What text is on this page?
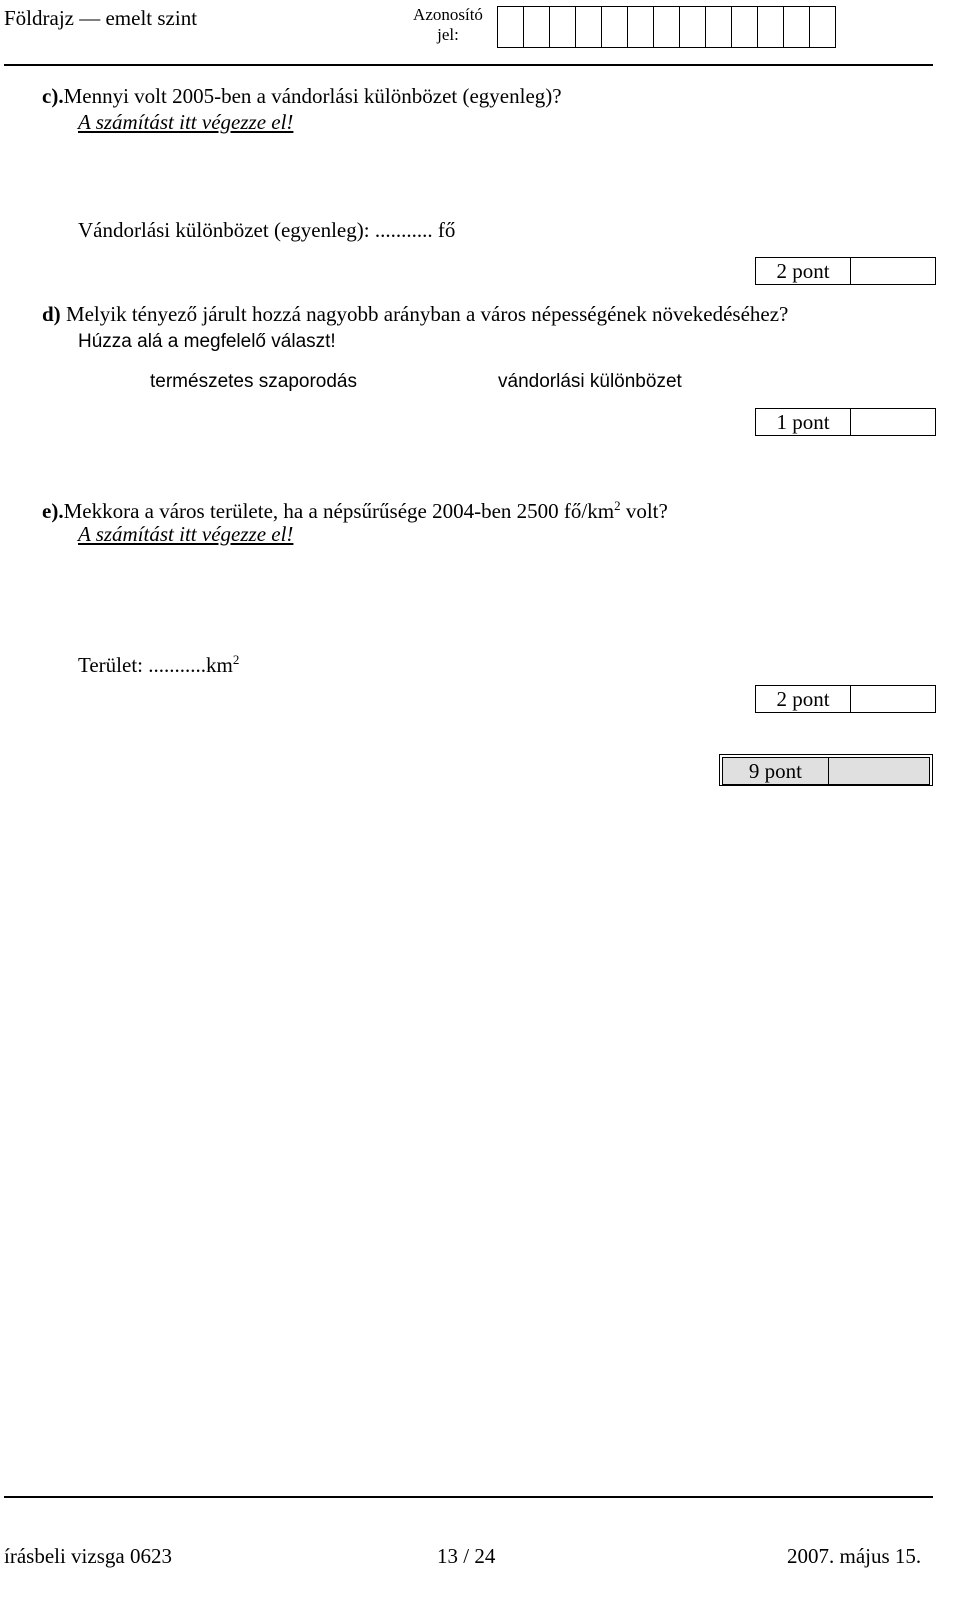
Földrajz — emelt szint	Azonosító jel:
c).Mennyi volt 2005-ben a vándorlási különbözet (egyenleg)?
A számítást itt végezze el!
Vándorlási különbözet (egyenleg): ........... fő
2 pont
d) Melyik tényező járult hozzá nagyobb arányban a város népességének növekedéséhez?
Húzza alá a megfelelő választ!
természetes szaporodás	vándorlási különbözet
1 pont
e).Mekkora a város területe, ha a népsűrűsége 2004-ben 2500 $fő/km^2$ volt?
A számítást itt végezze el!
Terület: $...........km^2$
2 pont
9 pont
írásbeli vizsga 0623	13 / 24	2007. május 15.
